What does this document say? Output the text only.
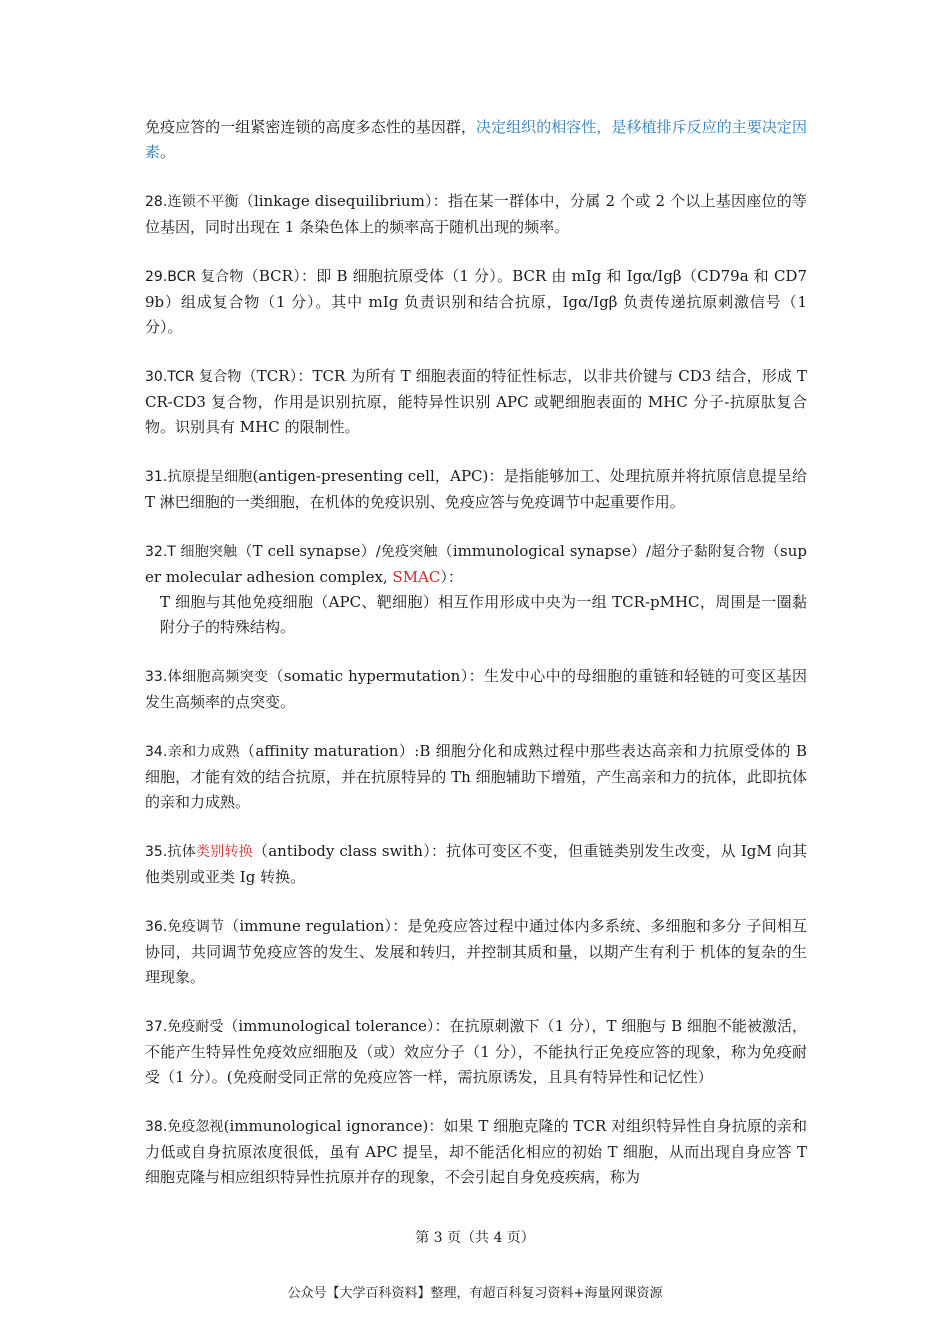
免疫应答的一组紧密连锁的高度多态性的基因群，决定组织的相容性，是移植排斥反应的主要决定因素。

28.连锁不平衡（linkage disequilibrium）：指在某一群体中，分属 2 个或 2 个以上基因座位的等位基因，同时出现在 1 条染色体上的频率高于随机出现的频率。

29.BCR 复合物（BCR）：即 B 细胞抗原受体（1 分）。BCR 由 mIg 和 Igα/Igβ（CD79a 和 CD79b）组成复合物（1 分）。其中 mIg 负责识别和结合抗原，Igα/Igβ 负责传递抗原刺激信号（1 分）。

30.TCR 复合物（TCR）：TCR 为所有 T 细胞表面的特征性标志，以非共价键与 CD3 结合，形成 TCR-CD3 复合物，作用是识别抗原，能特异性识别 APC 或靶细胞表面的 MHC 分子-抗原肽复合物。识别具有 MHC 的限制性。

31.抗原提呈细胞(antigen-presenting cell，APC)：是指能够加工、处理抗原并将抗原信息提呈给 T 淋巴细胞的一类细胞，在机体的免疫识别、免疫应答与免疫调节中起重要作用。

32.T 细胞突触（T cell synapse）/免疫突触（immunological synapse）/超分子黏附复合物（super molecular adhesion complex, SMAC）：
T 细胞与其他免疫细胞（APC、靶细胞）相互作用形成中央为一组 TCR-pMHC，周围是一圈黏附分子的特殊结构。

33.体细胞高频突变（somatic hypermutation）：生发中心中的母细胞的重链和轻链的可变区基因发生高频率的点突变。

34.亲和力成熟（affinity maturation）:B 细胞分化和成熟过程中那些表达高亲和力抗原受体的 B 细胞，才能有效的结合抗原，并在抗原特异的 Th 细胞辅助下增殖，产生高亲和力的抗体，此即抗体的亲和力成熟。

35.抗体类别转换（antibody class swith）：抗体可变区不变，但重链类别发生改变，从 IgM 向其他类别或亚类 Ig 转换。

36.免疫调节（immune regulation）：是免疫应答过程中通过体内多系统、多细胞和多分 子间相互协同，共同调节免疫应答的发生、发展和转归，并控制其质和量，以期产生有利于 机体的复杂的生理现象。

37.免疫耐受（immunological tolerance）：在抗原刺激下（1 分），T 细胞与 B 细胞不能被激活，不能产生特异性免疫效应细胞及（或）效应分子（1 分），不能执行正免疫应答的现象，称为免疫耐受（1 分）。(免疫耐受同正常的免疫应答一样，需抗原诱发，且具有特异性和记忆性）

38.免疫忽视(immunological ignorance)：如果 T 细胞克隆的 TCR 对组织特异性自身抗原的亲和力低或自身抗原浓度很低，虽有 APC 提呈，却不能活化相应的初始 T 细胞，从而出现自身应答 T 细胞克隆与相应组织特异性抗原并存的现象，不会引起自身免疫疾病，称为

第 3 页（共 4 页）
公众号【大学百科资料】整理，有超百科复习资料+海量网课资源
